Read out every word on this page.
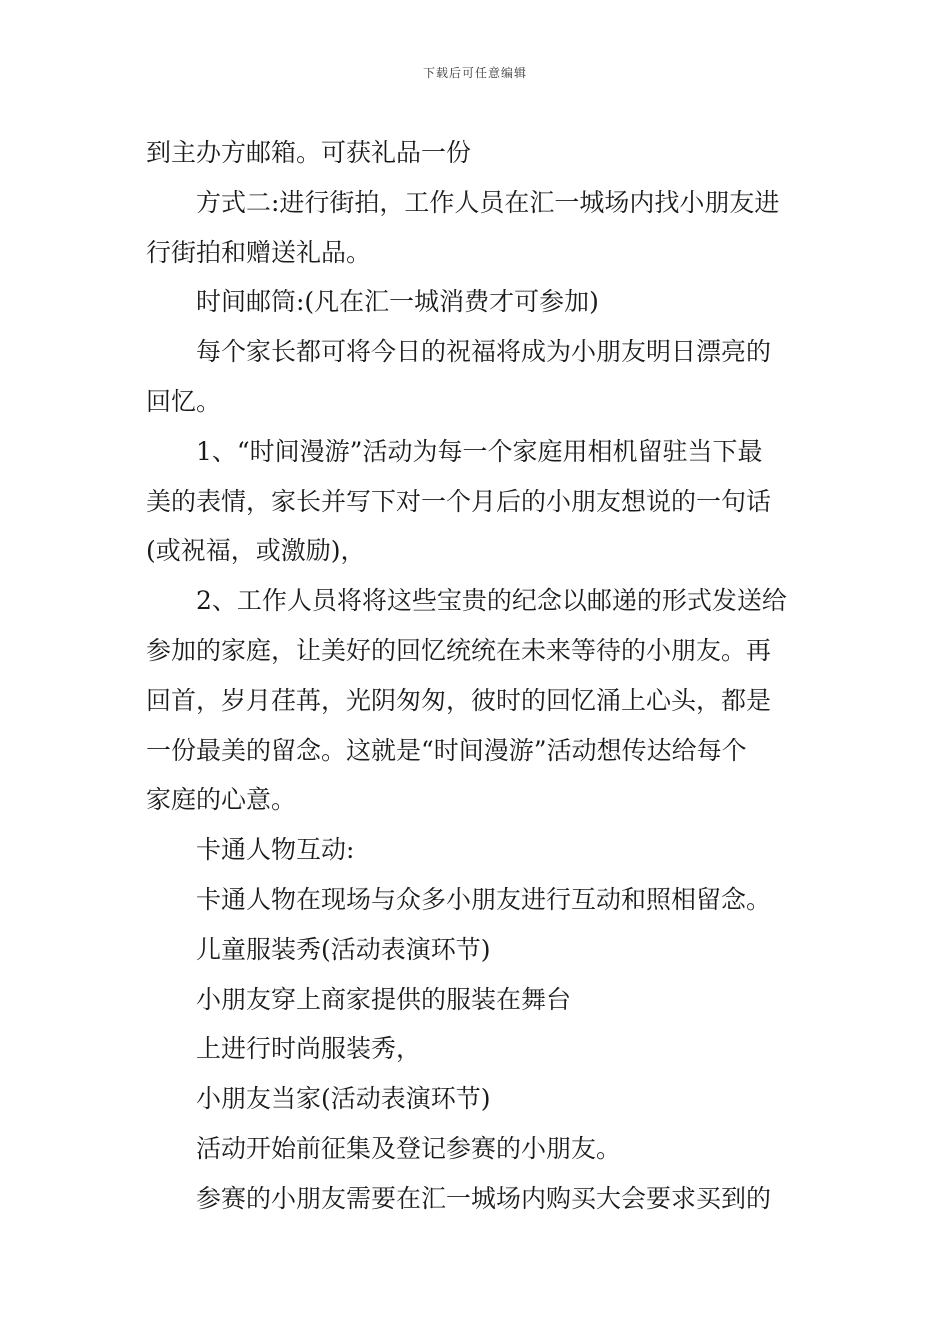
下载后可任意编辑
到主办方邮箱。可获礼品一份
方式二:进行街拍，工作人员在汇一城场内找小朋友进
行街拍和赠送礼品。
时间邮筒:(凡在汇一城消费才可参加)
每个家长都可将今日的祝福将成为小朋友明日漂亮的
回忆。
1、“时间漫游”活动为每一个家庭用相机留驻当下最
美的表情，家长并写下对一个月后的小朋友想说的一句话
(或祝福，或激励)，
2、工作人员将将这些宝贵的纪念以邮递的形式发送给
参加的家庭，让美好的回忆统统在未来等待的小朋友。再
回首，岁月荏苒，光阴匆匆，彼时的回忆涌上心头，都是
一份最美的留念。这就是“时间漫游”活动想传达给每个
家庭的心意。
卡通人物互动:
卡通人物在现场与众多小朋友进行互动和照相留念。
儿童服装秀(活动表演环节)
小朋友穿上商家提供的服装在舞台
上进行时尚服装秀，
小朋友当家(活动表演环节)
活动开始前征集及登记参赛的小朋友。
参赛的小朋友需要在汇一城场内购买大会要求买到的
